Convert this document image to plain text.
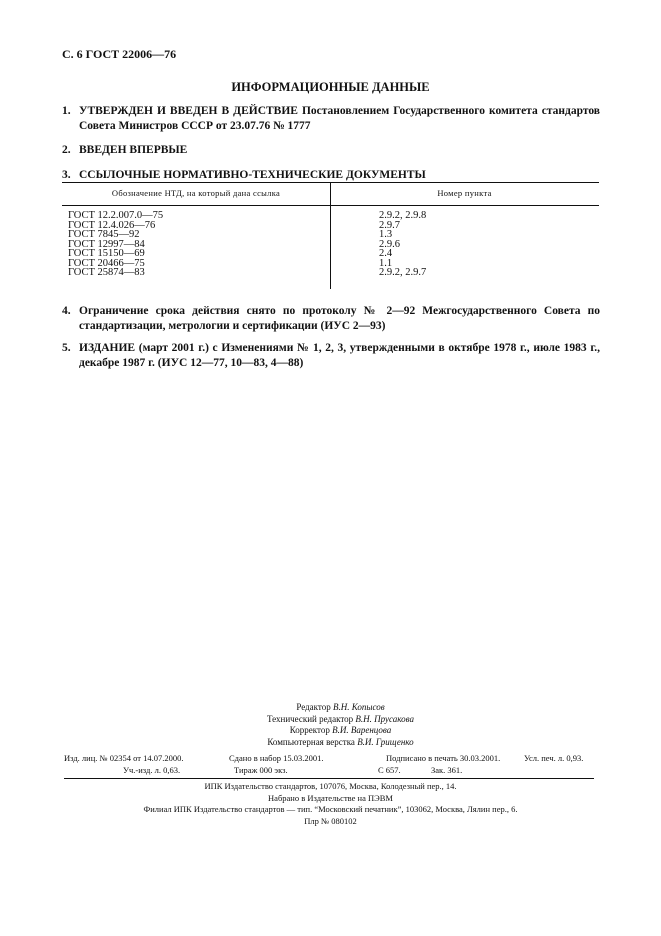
С. 6 ГОСТ 22006—76
ИНФОРМАЦИОННЫЕ ДАННЫЕ
1. УТВЕРЖДЕН И ВВЕДЕН В ДЕЙСТВИЕ Постановлением Государственного комитета стандартов Совета Министров СССР от 23.07.76 № 1777
2. ВВЕДЕН ВПЕРВЫЕ
3. ССЫЛОЧНЫЕ НОРМАТИВНО-ТЕХНИЧЕСКИЕ ДОКУМЕНТЫ
Обозначение НТД, на который дана ссылка	Номер пункта
ГОСТ 12.2.007.0—75	2.9.2, 2.9.8
ГОСТ 12.4.026—76	2.9.7
ГОСТ 7845—92	1.3
ГОСТ 12997—84	2.9.6
ГОСТ 15150—69	2.4
ГОСТ 20466—75	1.1
ГОСТ 25874—83	2.9.2, 2.9.7
4. Ограничение срока действия снято по протоколу № 2—92 Межгосударственного Совета по стандартизации, метрологии и сертификации (ИУС 2—93)
5. ИЗДАНИЕ (март 2001 г.) с Изменениями № 1, 2, 3, утвержденными в октябре 1978 г., июле 1983 г., декабре 1987 г. (ИУС 12—77, 10—83, 4—88)
Редактор В.Н. Копысов
Технический редактор В.Н. Прусакова
Корректор В.И. Варенцова
Компьютерная верстка В.И. Грищенко
Изд. лиц. № 02354 от 14.07.2000.	Сдано в набор 15.03.2001.	Подписано в печать 30.03.2001.	Усл. печ. л. 0,93.
Уч.-изд. л. 0,63.	Тираж 000 экз.	С 657.	Зак. 361.
ИПК Издательство стандартов, 107076, Москва, Колодезный пер., 14.
Набрано в Издательстве на ПЭВМ
Филиал ИПК Издательство стандартов — тип. “Московский печатник”, 103062, Москва, Лялин пер., 6.
Плр № 080102
